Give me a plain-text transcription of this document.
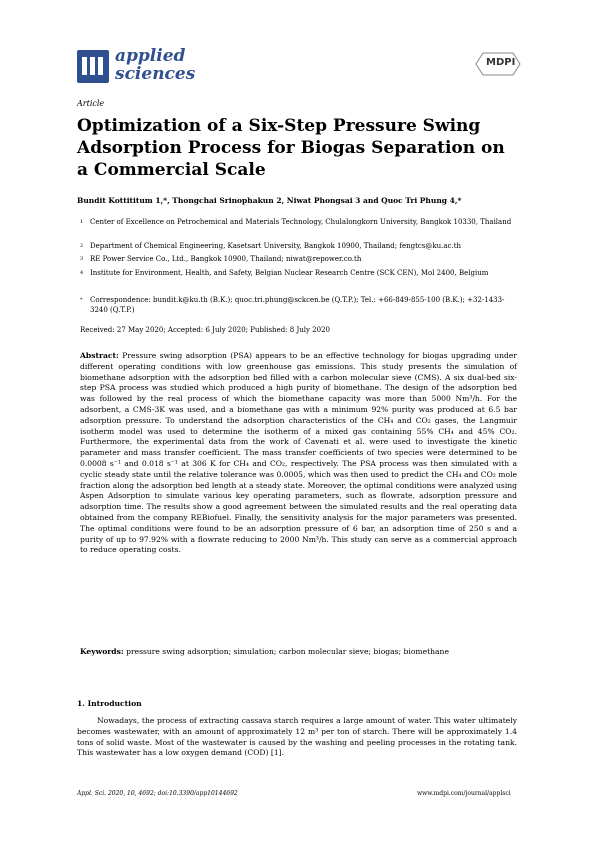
applied
sciences
MDPI
Article
Optimization of a Six-Step Pressure Swing Adsorption Process for Biogas Separation on a Commercial Scale
Bundit Kottititum 1,*, Thongchai Srinophakun 2, Niwat Phongsai 3 and Quoc Tri Phung 4,*
1 Center of Excellence on Petrochemical and Materials Technology, Chulalongkorn University, Bangkok 10330, Thailand
2 Department of Chemical Engineering, Kasetsart University, Bangkok 10900, Thailand; fengtcs@ku.ac.th
3 RE Power Service Co., Ltd., Bangkok 10900, Thailand; niwat@repower.co.th
4 Institute for Environment, Health, and Safety, Belgian Nuclear Research Centre (SCK CEN), Mol 2400, Belgium
* Correspondence: bundit.k@ku.th (B.K.); quoc.tri.phung@sckcen.be (Q.T.P.); Tel.: +66-849-855-100 (B.K.); +32-1433-3240 (Q.T.P.)
Received: 27 May 2020; Accepted: 6 July 2020; Published: 8 July 2020
Abstract: Pressure swing adsorption (PSA) appears to be an effective technology for biogas upgrading under different operating conditions with low greenhouse gas emissions. This study presents the simulation of biomethane adsorption with the adsorption bed filled with a carbon molecular sieve (CMS). A six dual-bed six-step PSA process was studied which produced a high purity of biomethane. The design of the adsorption bed was followed by the real process of which the biomethane capacity was more than 5000 Nm³/h. For the adsorbent, a CMS-3K was used, and a biomethane gas with a minimum 92% purity was produced at 6.5 bar adsorption pressure. To understand the adsorption characteristics of the CH₄ and CO₂ gases, the Langmuir isotherm model was used to determine the isotherm of a mixed gas containing 55% CH₄ and 45% CO₂. Furthermore, the experimental data from the work of Cavenati et al. were used to investigate the kinetic parameter and mass transfer coefficient. The mass transfer coefficients of two species were determined to be 0.0008 s⁻¹ and 0.018 s⁻¹ at 306 K for CH₄ and CO₂, respectively. The PSA process was then simulated with a cyclic steady state until the relative tolerance was 0.0005, which was then used to predict the CH₄ and CO₂ mole fraction along the adsorption bed length at a steady state. Moreover, the optimal conditions were analyzed using Aspen Adsorption to simulate various key operating parameters, such as flowrate, adsorption pressure and adsorption time. The results show a good agreement between the simulated results and the real operating data obtained from the company REBiofuel. Finally, the sensitivity analysis for the major parameters was presented. The optimal conditions were found to be an adsorption pressure of 6 bar, an adsorption time of 250 s and a purity of up to 97.92% with a flowrate reducing to 2000 Nm³/h. This study can serve as a commercial approach to reduce operating costs.
Keywords: pressure swing adsorption; simulation; carbon molecular sieve; biogas; biomethane
1. Introduction
Nowadays, the process of extracting cassava starch requires a large amount of water. This water ultimately becomes wastewater, with an amount of approximately 12 m³ per ton of starch. There will be approximately 1.4 tons of solid waste. Most of the wastewater is caused by the washing and peeling processes in the rotating tank. This wastewater has a low oxygen demand (COD) [1].
Appl. Sci. 2020, 10, 4692; doi:10.3390/app10144692	www.mdpi.com/journal/applsci
